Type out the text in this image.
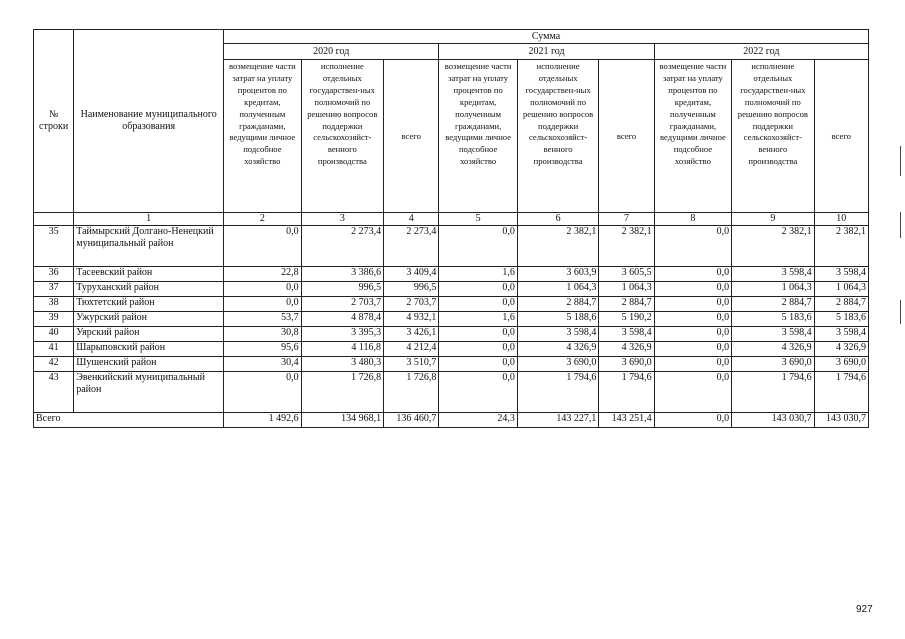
№ строки	Наименование муниципального образования	Сумма								
		2020 год			2021 год			2022 год		
		возмещение части затрат на уплату процентов по кредитам, полученным гражданами, ведущими личное подсобное хозяйство	исполнение отдельных государствен-ных полномочий по решению вопросов поддержки сельскохозяйст-венного производства	всего	возмещение части затрат на уплату процентов по кредитам, полученным гражданами, ведущими личное подсобное хозяйство	исполнение отдельных государствен-ных полномочий по решению вопросов поддержки сельскохозяйст-венного производства	всего	возмещение части затрат на уплату процентов по кредитам, полученным гражданами, ведущими личное подсобное хозяйство	исполнение отдельных государствен-ных полномочий по решению вопросов поддержки сельскохозяйст-венного производства	всего
	1	2	3	4	5	6	7	8	9	10
35	Таймырский Долгано-Ненецкий муниципальный район	0,0	2 273,4	2 273,4	0,0	2 382,1	2 382,1	0,0	2 382,1	2 382,1
36	Тасеевский район	22,8	3 386,6	3 409,4	1,6	3 603,9	3 605,5	0,0	3 598,4	3 598,4
37	Туруханский район	0,0	996,5	996,5	0,0	1 064,3	1 064,3	0,0	1 064,3	1 064,3
38	Тюхтетский район	0,0	2 703,7	2 703,7	0,0	2 884,7	2 884,7	0,0	2 884,7	2 884,7
39	Ужурский район	53,7	4 878,4	4 932,1	1,6	5 188,6	5 190,2	0,0	5 183,6	5 183,6
40	Уярский район	30,8	3 395,3	3 426,1	0,0	3 598,4	3 598,4	0,0	3 598,4	3 598,4
41	Шарыповский район	95,6	4 116,8	4 212,4	0,0	4 326,9	4 326,9	0,0	4 326,9	4 326,9
42	Шушенский район	30,4	3 480,3	3 510,7	0,0	3 690,0	3 690,0	0,0	3 690,0	3 690,0
43	Эвенкийский муниципальный район	0,0	1 726,8	1 726,8	0,0	1 794,6	1 794,6	0,0	1 794,6	1 794,6
Всего		1 492,6	134 968,1	136 460,7	24,3	143 227,1	143 251,4	0,0	143 030,7	143 030,7
927
